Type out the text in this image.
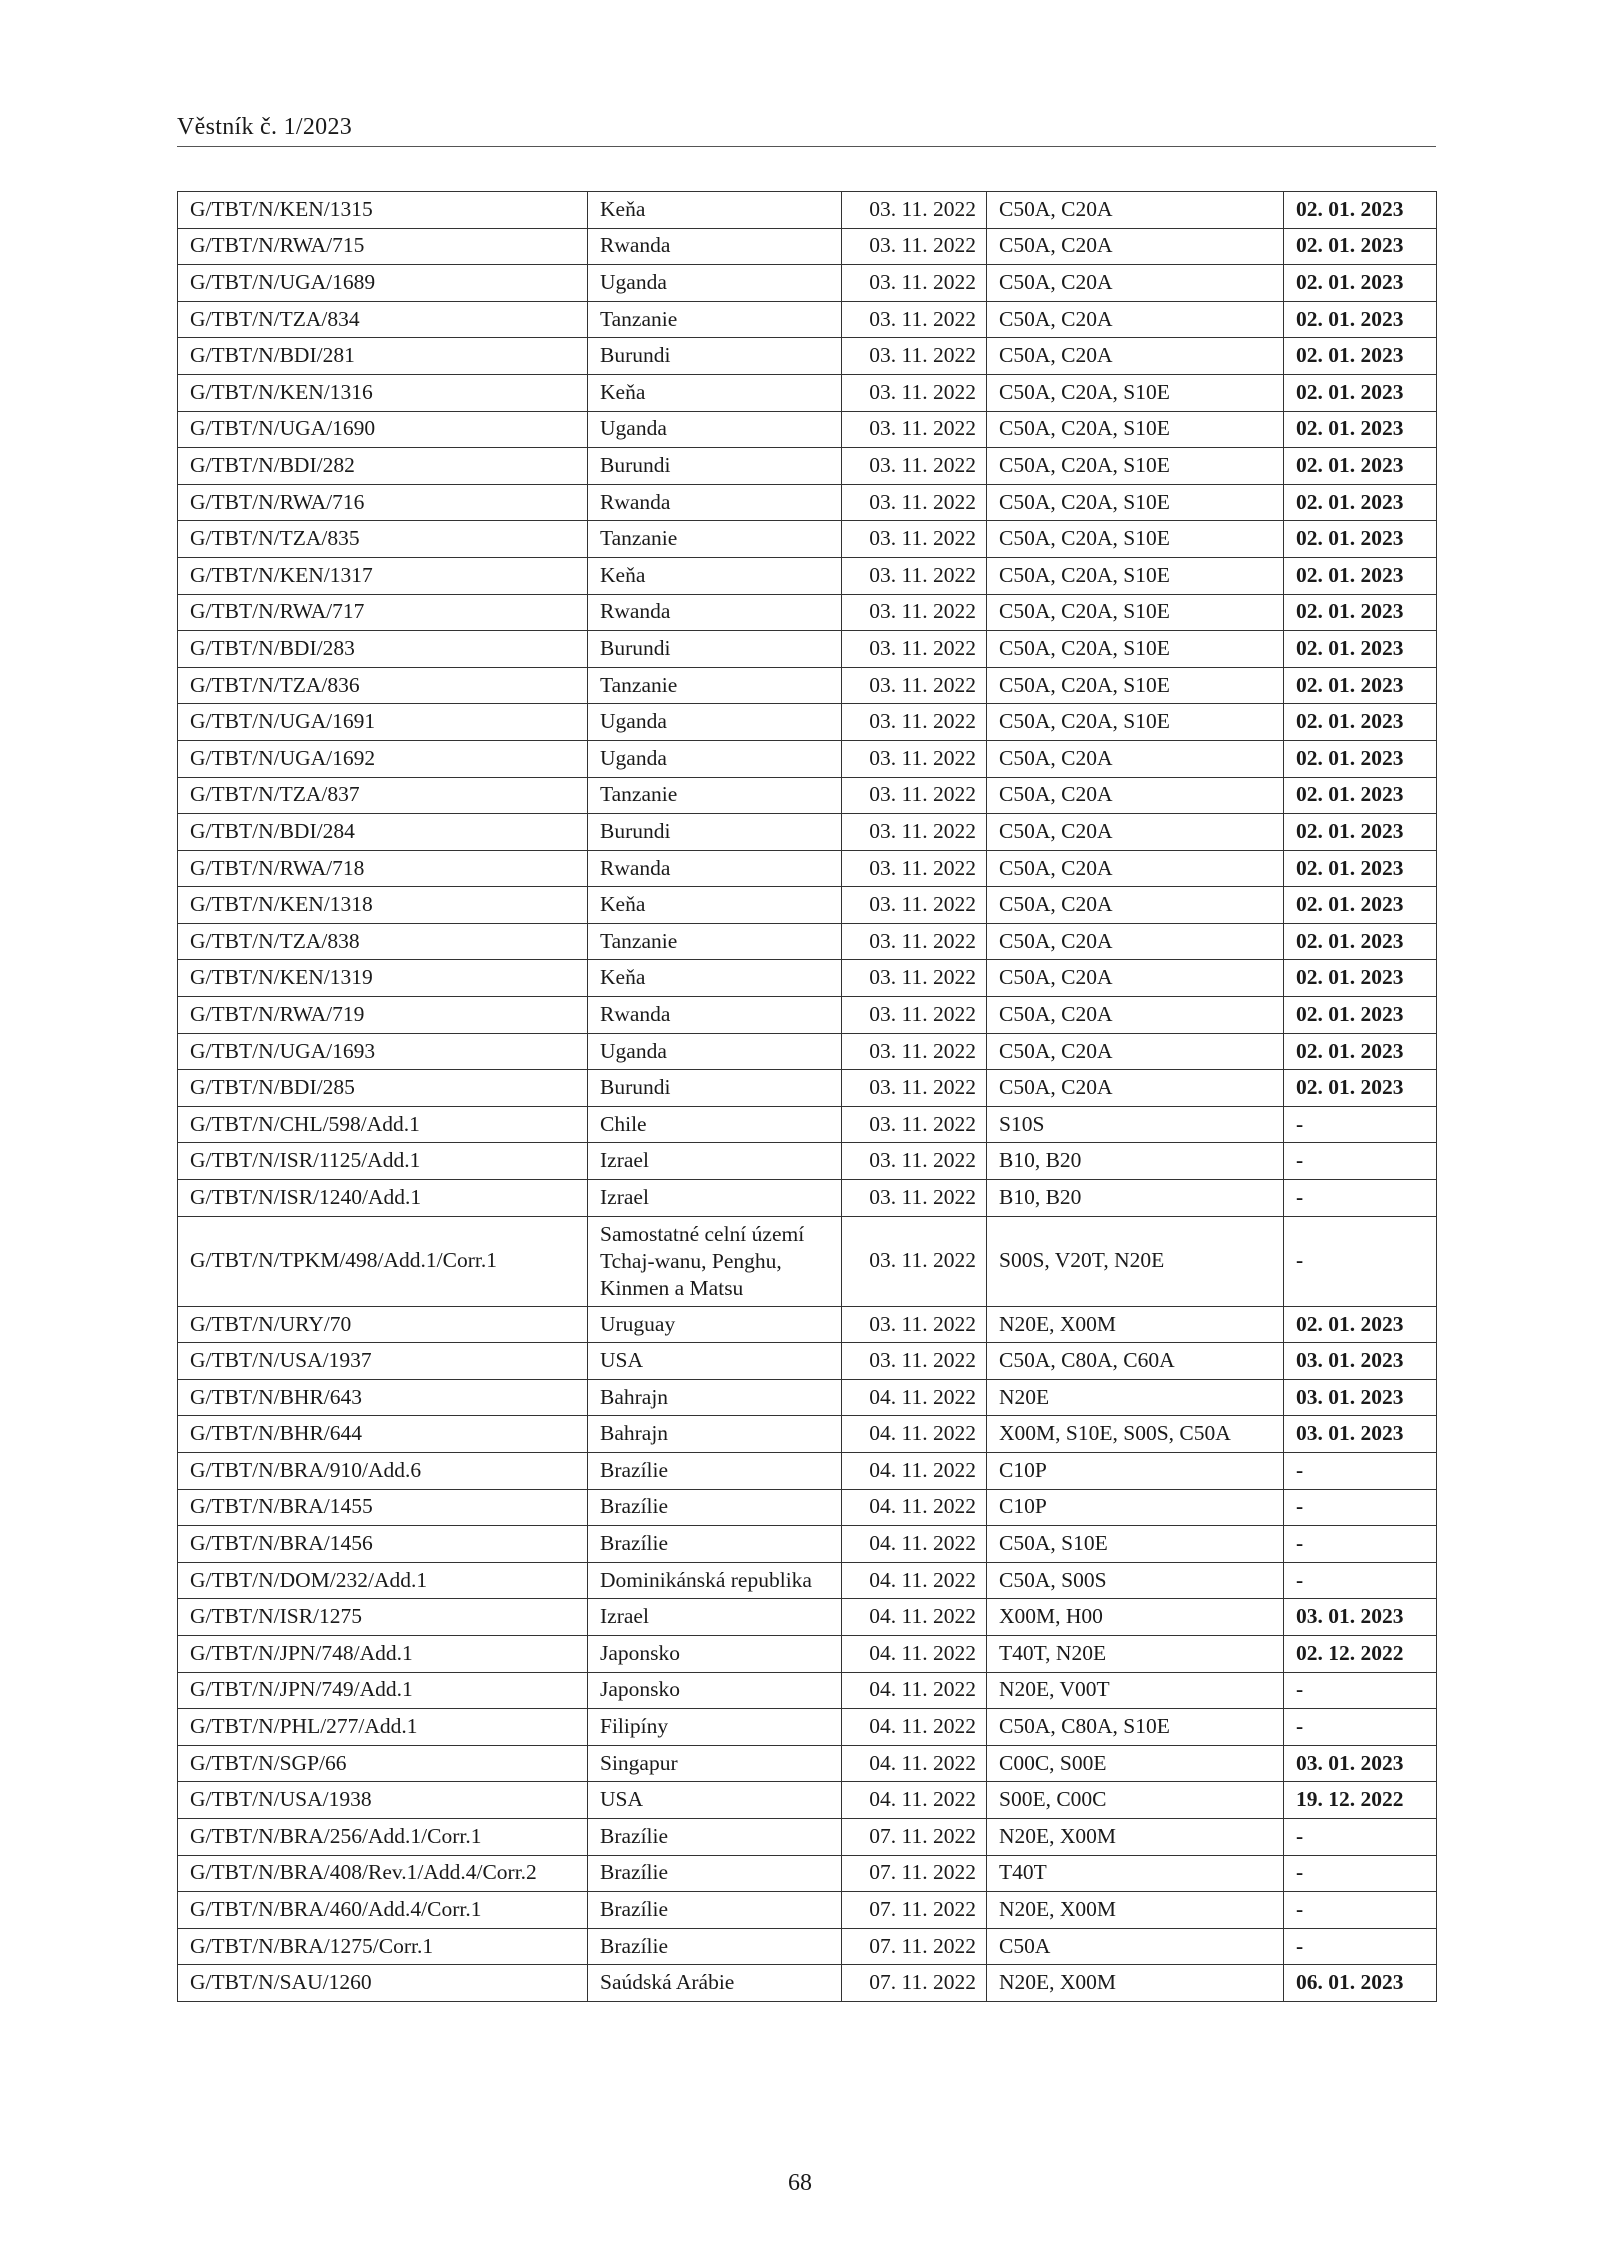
Věstník č. 1/2023
G/TBT/N/KEN/1315	Keňa	03. 11. 2022	C50A, C20A	02. 01. 2023
G/TBT/N/RWA/715	Rwanda	03. 11. 2022	C50A, C20A	02. 01. 2023
G/TBT/N/UGA/1689	Uganda	03. 11. 2022	C50A, C20A	02. 01. 2023
G/TBT/N/TZA/834	Tanzanie	03. 11. 2022	C50A, C20A	02. 01. 2023
G/TBT/N/BDI/281	Burundi	03. 11. 2022	C50A, C20A	02. 01. 2023
G/TBT/N/KEN/1316	Keňa	03. 11. 2022	C50A, C20A, S10E	02. 01. 2023
G/TBT/N/UGA/1690	Uganda	03. 11. 2022	C50A, C20A, S10E	02. 01. 2023
G/TBT/N/BDI/282	Burundi	03. 11. 2022	C50A, C20A, S10E	02. 01. 2023
G/TBT/N/RWA/716	Rwanda	03. 11. 2022	C50A, C20A, S10E	02. 01. 2023
G/TBT/N/TZA/835	Tanzanie	03. 11. 2022	C50A, C20A, S10E	02. 01. 2023
G/TBT/N/KEN/1317	Keňa	03. 11. 2022	C50A, C20A, S10E	02. 01. 2023
G/TBT/N/RWA/717	Rwanda	03. 11. 2022	C50A, C20A, S10E	02. 01. 2023
G/TBT/N/BDI/283	Burundi	03. 11. 2022	C50A, C20A, S10E	02. 01. 2023
G/TBT/N/TZA/836	Tanzanie	03. 11. 2022	C50A, C20A, S10E	02. 01. 2023
G/TBT/N/UGA/1691	Uganda	03. 11. 2022	C50A, C20A, S10E	02. 01. 2023
G/TBT/N/UGA/1692	Uganda	03. 11. 2022	C50A, C20A	02. 01. 2023
G/TBT/N/TZA/837	Tanzanie	03. 11. 2022	C50A, C20A	02. 01. 2023
G/TBT/N/BDI/284	Burundi	03. 11. 2022	C50A, C20A	02. 01. 2023
G/TBT/N/RWA/718	Rwanda	03. 11. 2022	C50A, C20A	02. 01. 2023
G/TBT/N/KEN/1318	Keňa	03. 11. 2022	C50A, C20A	02. 01. 2023
G/TBT/N/TZA/838	Tanzanie	03. 11. 2022	C50A, C20A	02. 01. 2023
G/TBT/N/KEN/1319	Keňa	03. 11. 2022	C50A, C20A	02. 01. 2023
G/TBT/N/RWA/719	Rwanda	03. 11. 2022	C50A, C20A	02. 01. 2023
G/TBT/N/UGA/1693	Uganda	03. 11. 2022	C50A, C20A	02. 01. 2023
G/TBT/N/BDI/285	Burundi	03. 11. 2022	C50A, C20A	02. 01. 2023
G/TBT/N/CHL/598/Add.1	Chile	03. 11. 2022	S10S	-
G/TBT/N/ISR/1125/Add.1	Izrael	03. 11. 2022	B10, B20	-
G/TBT/N/ISR/1240/Add.1	Izrael	03. 11. 2022	B10, B20	-
G/TBT/N/TPKM/498/Add.1/Corr.1	Samostatné celní území Tchaj-wanu, Penghu, Kinmen a Matsu	03. 11. 2022	S00S, V20T, N20E	-
G/TBT/N/URY/70	Uruguay	03. 11. 2022	N20E, X00M	02. 01. 2023
G/TBT/N/USA/1937	USA	03. 11. 2022	C50A, C80A, C60A	03. 01. 2023
G/TBT/N/BHR/643	Bahrajn	04. 11. 2022	N20E	03. 01. 2023
G/TBT/N/BHR/644	Bahrajn	04. 11. 2022	X00M, S10E, S00S, C50A	03. 01. 2023
G/TBT/N/BRA/910/Add.6	Brazílie	04. 11. 2022	C10P	-
G/TBT/N/BRA/1455	Brazílie	04. 11. 2022	C10P	-
G/TBT/N/BRA/1456	Brazílie	04. 11. 2022	C50A, S10E	-
G/TBT/N/DOM/232/Add.1	Dominikánská republika	04. 11. 2022	C50A, S00S	-
G/TBT/N/ISR/1275	Izrael	04. 11. 2022	X00M, H00	03. 01. 2023
G/TBT/N/JPN/748/Add.1	Japonsko	04. 11. 2022	T40T, N20E	02. 12. 2022
G/TBT/N/JPN/749/Add.1	Japonsko	04. 11. 2022	N20E, V00T	-
G/TBT/N/PHL/277/Add.1	Filipíny	04. 11. 2022	C50A, C80A, S10E	-
G/TBT/N/SGP/66	Singapur	04. 11. 2022	C00C, S00E	03. 01. 2023
G/TBT/N/USA/1938	USA	04. 11. 2022	S00E, C00C	19. 12. 2022
G/TBT/N/BRA/256/Add.1/Corr.1	Brazílie	07. 11. 2022	N20E, X00M	-
G/TBT/N/BRA/408/Rev.1/Add.4/Corr.2	Brazílie	07. 11. 2022	T40T	-
G/TBT/N/BRA/460/Add.4/Corr.1	Brazílie	07. 11. 2022	N20E, X00M	-
G/TBT/N/BRA/1275/Corr.1	Brazílie	07. 11. 2022	C50A	-
G/TBT/N/SAU/1260	Saúdská Arábie	07. 11. 2022	N20E, X00M	06. 01. 2023
68
